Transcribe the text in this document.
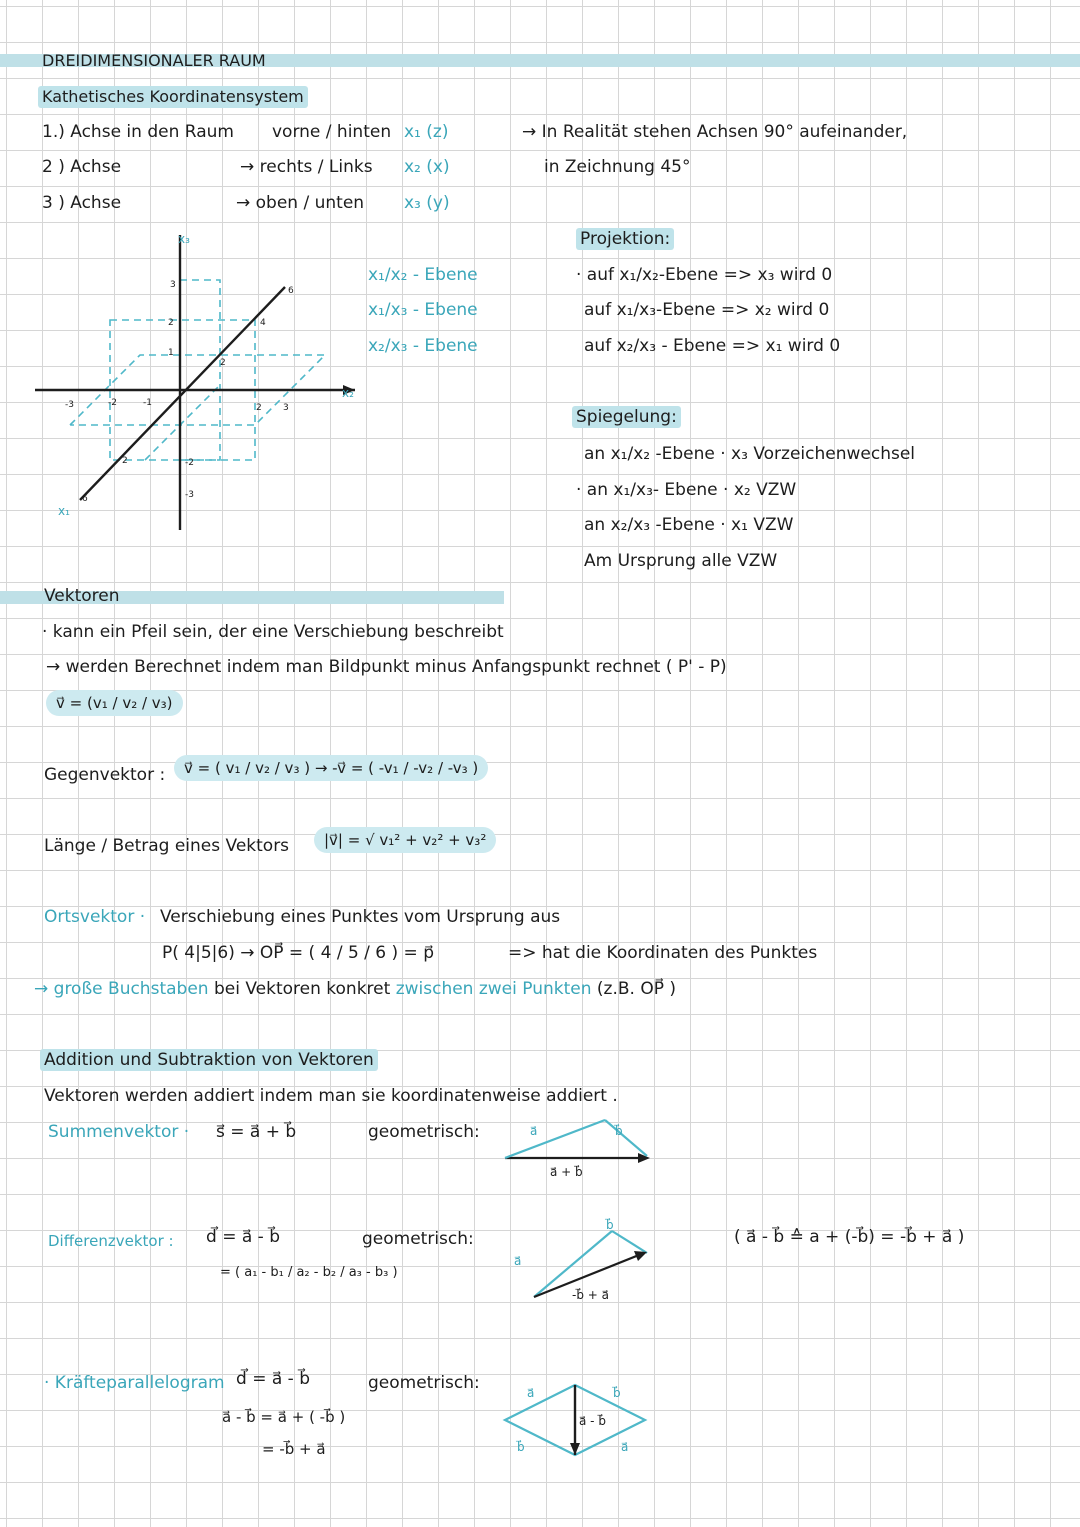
DREIDIMENSIONALER RAUM
Kathetisches Koordinatensystem
1.) Achse in den Raum vorne / hinten x₁ (z)
2 ) Achse	→ rechts / Links x₂ (x)
3 ) Achse	→ oben / unten x₃ (y)
→ In Realität stehen Achsen 90° aufeinander,
in Zeichnung 45°
3
2
1
-2
-3
-3	-2	-1
2
4
6
2 3
2
6
x₃
x₂
x₁
x₁/x₂ - Ebene
x₁/x₃ - Ebene
x₂/x₃ - Ebene
Projektion:
· auf x₁/x₂-Ebene => x₃ wird 0
auf x₁/x₃-Ebene => x₂ wird 0
auf x₂/x₃ - Ebene => x₁ wird 0
Spiegelung:
an x₁/x₂ -Ebene · x₃ Vorzeichenwechsel
· an x₁/x₃- Ebene · x₂ VZW
an x₂/x₃ -Ebene · x₁ VZW
Am Ursprung alle VZW
Vektoren
· kann ein Pfeil sein, der eine Verschiebung beschreibt
→ werden Berechnet indem man Bildpunkt minus Anfangspunkt rechnet ( P' - P)
v⃗ = (v₁ / v₂ / v₃)
Gegenvektor :	v⃗ = ( v₁ / v₂ / v₃ ) → -v⃗ = ( -v₁ / -v₂ / -v₃ )
Länge / Betrag eines Vektors	|v⃗| = √ v₁² + v₂² + v₃²
Ortsvektor · Verschiebung eines Punktes vom Ursprung aus
P( 4|5|6) → OP⃗ = ( 4 / 5 / 6 ) = p⃗	=> hat die Koordinaten des Punktes
→ große Buchstaben bei Vektoren konkret zwischen zwei Punkten (z.B. OP⃗ )
Addition und Subtraktion von Vektoren
Vektoren werden addiert indem man sie koordinatenweise addiert .
Summenvektor · s⃗ = a⃗ + b⃗	geometrisch:	a⃗	b⃗
a⃗ + b⃗
Differenzvektor : d⃗ = a⃗ - b⃗
= ( a₁ - b₁ / a₂ - b₂ / a₃ - b₃ )
geometrisch:
a⃗
b⃗
-b⃗ + a⃗
( a⃗ - b⃗ ≙ a + (-b⃗) = -b⃗ + a⃗ )
· Kräfteparallelogram d⃗ = a⃗ - b⃗
a⃗ - b⃗ = a⃗ + ( -b⃗ )
= -b⃗ + a⃗
geometrisch:	a⃗	b⃗
a⃗ - b⃗
b⃗	a⃗
